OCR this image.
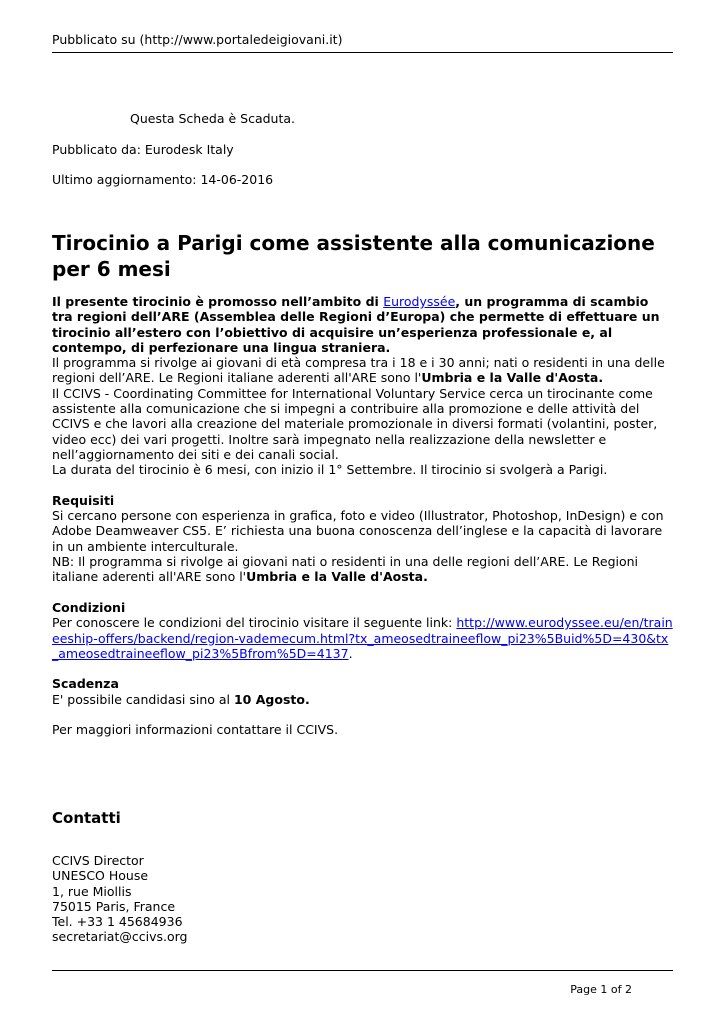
Pubblicato su (http://www.portaledeigiovani.it)
Questa Scheda è Scaduta.
Pubblicato da: Eurodesk Italy
Ultimo aggiornamento: 14-06-2016
Tirocinio a Parigi come assistente alla comunicazione per 6 mesi

Il presente tirocinio è promosso nell’ambito di Eurodyssée, un programma di scambio tra regioni dell’ARE (Assemblea delle Regioni d’Europa) che permette di effettuare un tirocinio all’estero con l’obiettivo di acquisire un’esperienza professionale e, al contempo, di perfezionare una lingua straniera.

Il programma si rivolge ai giovani di età compresa tra i 18 e i 30 anni; nati o residenti in una delle regioni dell’ARE. Le Regioni italiane aderenti all'ARE sono l'Umbria e la Valle d'Aosta.

Il CCIVS - Coordinating Committee for International Voluntary Service cerca un tirocinante come assistente alla comunicazione che si impegni a contribuire alla promozione e delle attività del CCIVS e che lavori alla creazione del materiale promozionale in diversi formati (volantini, poster, video ecc) dei vari progetti. Inoltre sarà impegnato nella realizzazione della newsletter e nell’aggiornamento dei siti e dei canali social.

La durata del tirocinio è 6 mesi, con inizio il 1° Settembre. Il tirocinio si svolgerà a Parigi.

Requisiti

Si cercano persone con esperienza in grafica, foto e video (Illustrator, Photoshop, InDesign) e con Adobe Deamweaver CS5. E’ richiesta una buona conoscenza dell’inglese e la capacità di lavorare in un ambiente interculturale.

NB: Il programma si rivolge ai giovani nati o residenti in una delle regioni dell’ARE. Le Regioni italiane aderenti all'ARE sono l'Umbria e la Valle d'Aosta.

Condizioni

Per conoscere le condizioni del tirocinio visitare il seguente link: http://www.eurodyssee.eu/en/traineeship-offers/backend/region-vademecum.html?tx_ameosedtraineeflow_pi23%5Buid%5D=430&tx_ameosedtraineeflow_pi23%5Bfrom%5D=4137.

Scadenza

E' possibile candidasi sino al 10 Agosto.

Per maggiori informazioni contattare il CCIVS.

Contatti
CCIVS Director
UNESCO House
1, rue Miollis
75015 Paris, France
Tel. +33 1 45684936
secretariat@ccivs.org
Page 1 of 2
